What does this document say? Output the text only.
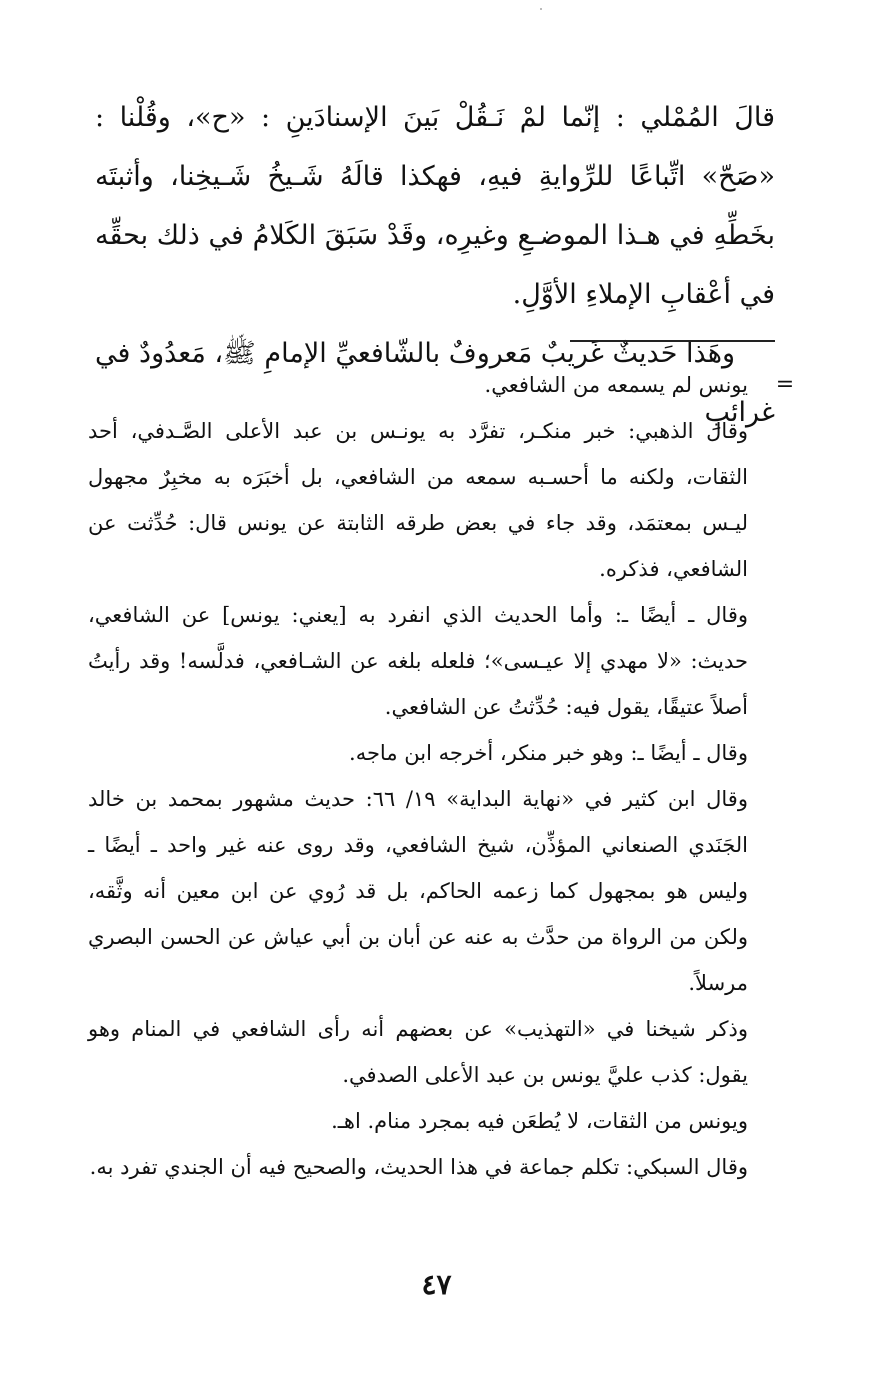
قالَ المُمْلي : إنّما لمْ نَـقُلْ بَينَ الإسنادَينِ : «ح»، وقُلْنا : «صَحّ» اتِّباعًا للرِّوايةِ فيهِ، فهكذا قالَهُ شَـيخُ شَـيخِنا، وأثبتَه بخَطِّهِ في هـذا الموضـعِ وغيرِه، وقَدْ سَبَقَ الكَلامُ في ذلك بحقِّه في أعْقابِ الإملاءِ الأوَّلِ.

وهَذا حَديثٌ غَريبٌ مَعروفٌ بالشّافعيِّ الإمامِ ﷺ، مَعدُودٌ في غرائبِ

=

يونس لم يسمعه من الشافعي.

وقال الذهبي: خبر منكـر، تفرَّد به يونـس بن عبد الأعلى الصَّـدفي، أحد الثقات، ولكنه ما أحسـبه سمعه من الشافعي، بل أخبَرَه به مخبِرٌ مجهول ليـس بمعتمَد، وقد جاء في بعض طرقه الثابتة عن يونس قال: حُدِّثت عن الشافعي، فذكره.

وقال ـ أيضًا ـ: وأما الحديث الذي انفرد به [يعني: يونس] عن الشافعي، حديث: «لا مهدي إلا عيـسى»؛ فلعله بلغه عن الشـافعي، فدلَّسه! وقد رأيتُ أصلاً عتيقًا، يقول فيه: حُدِّثتُ عن الشافعي.

وقال ـ أيضًا ـ: وهو خبر منكر، أخرجه ابن ماجه.

وقال ابن كثير في «نهاية البداية» ١٩/ ٦٦: حديث مشهور بمحمد بن خالد الجَنَدي الصنعاني المؤذِّن، شيخ الشافعي، وقد روى عنه غير واحد ـ أيضًا ـ وليس هو بمجهول كما زعمه الحاكم، بل قد رُوي عن ابن معين أنه وثَّقه، ولكن من الرواة من حدَّث به عنه عن أبان بن أبي عياش عن الحسن البصري مرسلاً.

وذكر شيخنا في «التهذيب» عن بعضهم أنه رأى الشافعي في المنام وهو يقول: كذب عليَّ يونس بن عبد الأعلى الصدفي.

ويونس من الثقات، لا يُطعَن فيه بمجرد منام. اهـ.

وقال السبكي: تكلم جماعة في هذا الحديث، والصحيح فيه أن الجندي تفرد به.

٤٧
